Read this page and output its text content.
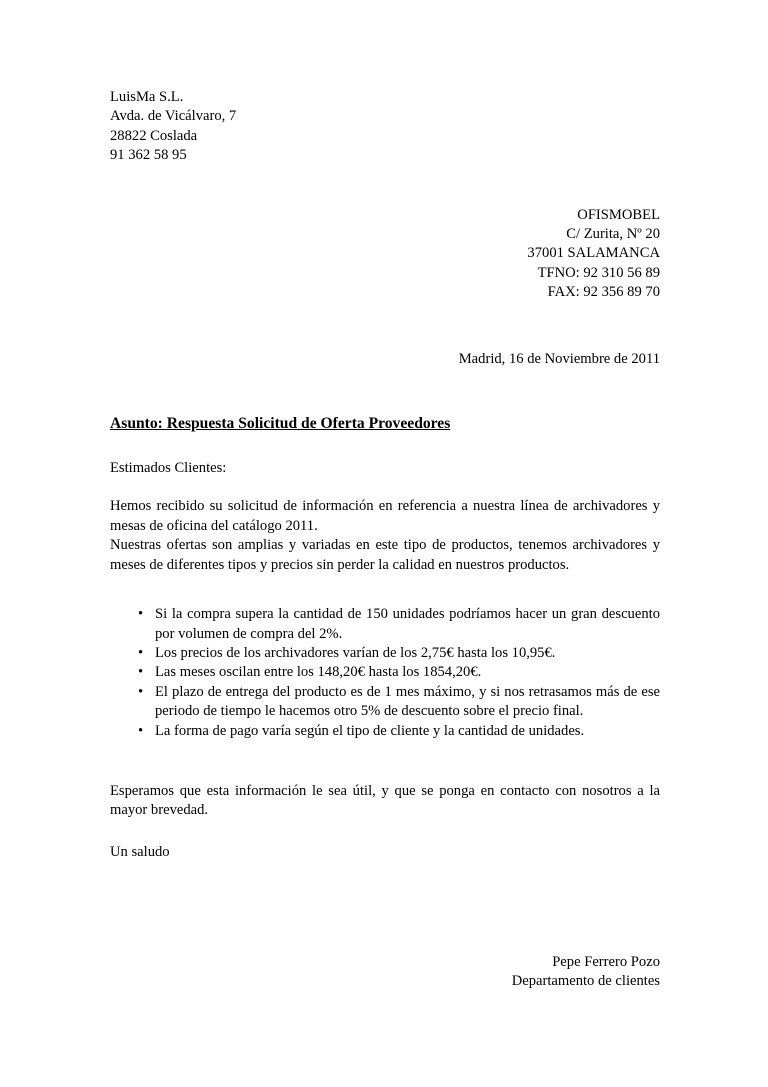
LuisMa S.L.
Avda. de Vicálvaro, 7
28822 Coslada
91 362 58 95
OFISMOBEL
C/ Zurita, Nº 20
37001 SALAMANCA
TFNO: 92 310 56 89
FAX: 92 356 89 70
Madrid, 16 de Noviembre de 2011
Asunto: Respuesta Solicitud de Oferta Proveedores
Estimados Clientes:
Hemos recibido su solicitud de información en referencia a nuestra línea de archivadores y mesas de oficina del catálogo 2011.
Nuestras ofertas son amplias y variadas en este tipo de productos, tenemos archivadores y meses de diferentes tipos y precios sin perder la calidad en nuestros productos.
• Si la compra supera la cantidad de 150 unidades podríamos hacer un gran descuento por volumen de compra del 2%.
• Los precios de los archivadores varían de los 2,75€ hasta los 10,95€.
• Las meses oscilan entre los 148,20€ hasta los 1854,20€.
• El plazo de entrega del producto es de 1 mes máximo, y si nos retrasamos más de ese periodo de tiempo le hacemos otro 5% de descuento sobre el precio final.
• La forma de pago varía según el tipo de cliente y la cantidad de unidades.
Esperamos que esta información le sea útil, y que se ponga en contacto con nosotros a la mayor brevedad.
Un saludo
Pepe Ferrero Pozo
Departamento de clientes
